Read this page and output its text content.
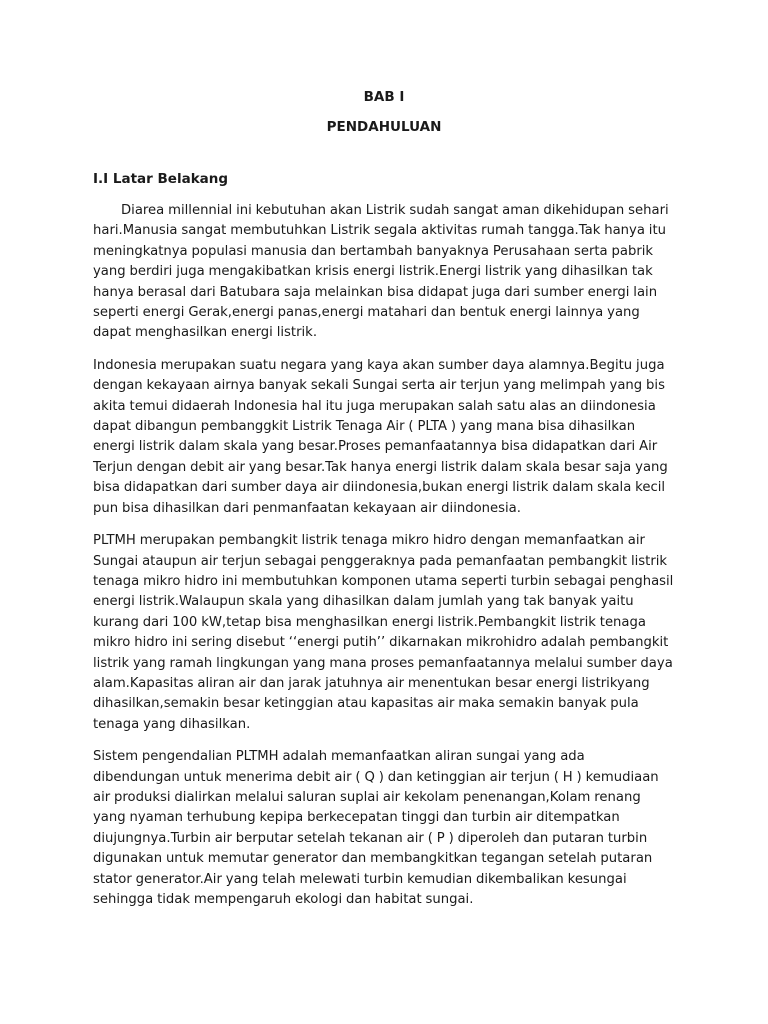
BAB I
PENDAHULUAN
I.I Latar Belakang

Diarea millennial ini kebutuhan akan Listrik sudah sangat aman dikehidupan sehari hari.Manusia sangat membutuhkan Listrik segala aktivitas rumah tangga.Tak hanya itu meningkatnya populasi manusia dan bertambah banyaknya Perusahaan serta pabrik yang berdiri juga mengakibatkan krisis energi listrik.Energi listrik yang dihasilkan tak hanya berasal dari Batubara saja melainkan bisa didapat juga dari sumber energi lain seperti energi Gerak,energi panas,energi matahari dan bentuk energi lainnya yang dapat menghasilkan energi listrik.

Indonesia merupakan suatu negara yang kaya akan sumber daya alamnya.Begitu juga dengan kekayaan airnya banyak sekali Sungai serta air terjun yang melimpah yang bis akita temui didaerah Indonesia hal itu juga merupakan salah satu alas an diindonesia dapat dibangun pembanggkit Listrik Tenaga Air ( PLTA ) yang mana bisa dihasilkan energi listrik dalam skala yang besar.Proses pemanfaatannya bisa didapatkan dari Air Terjun dengan debit air yang besar.Tak hanya energi listrik dalam skala besar saja yang bisa didapatkan dari sumber daya air diindonesia,bukan energi listrik dalam skala kecil pun bisa dihasilkan dari penmanfaatan kekayaan air diindonesia.

PLTMH merupakan pembangkit listrik tenaga mikro hidro dengan memanfaatkan air Sungai ataupun air terjun sebagai penggeraknya pada pemanfaatan pembangkit listrik tenaga mikro hidro ini membutuhkan komponen utama seperti turbin sebagai penghasil energi listrik.Walaupun skala yang dihasilkan dalam jumlah yang tak banyak yaitu kurang dari 100 kW,tetap bisa menghasilkan energi listrik.Pembangkit listrik tenaga mikro hidro ini sering disebut ‘‘energi putih’’ dikarnakan mikrohidro adalah pembangkit listrik yang ramah lingkungan yang mana proses pemanfaatannya melalui sumber daya alam.Kapasitas aliran air dan jarak jatuhnya air menentukan besar energi listrikyang dihasilkan,semakin besar ketinggian atau kapasitas air maka semakin banyak pula tenaga yang dihasilkan.

Sistem pengendalian PLTMH adalah memanfaatkan aliran sungai yang ada dibendungan untuk menerima debit air ( Q ) dan ketinggian air terjun ( H ) kemudiaan air produksi dialirkan melalui saluran suplai air kekolam penenangan,Kolam renang yang nyaman terhubung kepipa berkecepatan tinggi dan turbin air ditempatkan diujungnya.Turbin air berputar setelah tekanan air ( P ) diperoleh dan putaran turbin digunakan untuk memutar generator dan membangkitkan tegangan setelah putaran stator generator.Air yang telah melewati turbin kemudian dikembalikan kesungai sehingga tidak mempengaruh ekologi dan habitat sungai.
